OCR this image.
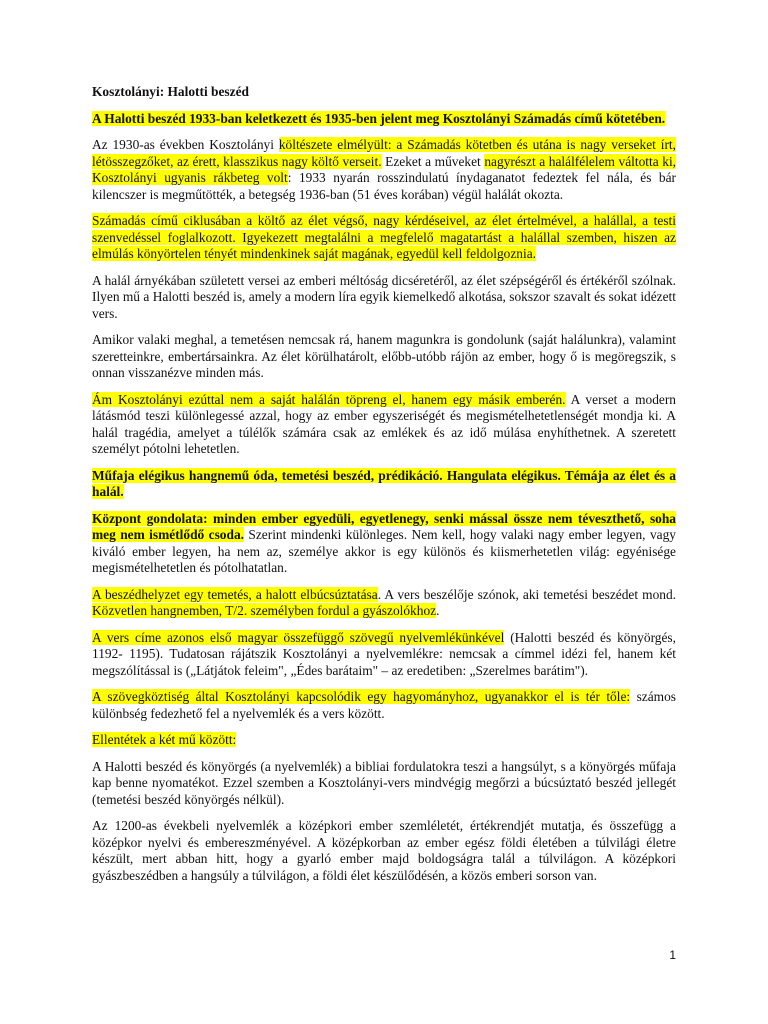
Kosztolányi: Halotti beszéd

A Halotti beszéd 1933-ban keletkezett és 1935-ben jelent meg Kosztolányi Számadás című kötetében.

Az 1930-as években Kosztolányi költészete elmélyült: a Számadás kötetben és utána is nagy verseket írt, létösszegzőket, az érett, klasszikus nagy költő verseit. Ezeket a műveket nagyrészt a halálfélelem váltotta ki, Kosztolányi ugyanis rákbeteg volt: 1933 nyarán rosszindulatú ínydaganatot fedeztek fel nála, és bár kilencszer is megműtötték, a betegség 1936-ban (51 éves korában) végül halálát okozta.

Számadás című ciklusában a költő az élet végső, nagy kérdéseivel, az élet értelmével, a halállal, a testi szenvedéssel foglalkozott. Igyekezett megtalálni a megfelelő magatartást a halállal szemben, hiszen az elmúlás könyörtelen tényét mindenkinek saját magának, egyedül kell feldolgoznia.

A halál árnyékában született versei az emberi méltóság dicséretéről, az élet szépségéről és értékéről szólnak. Ilyen mű a Halotti beszéd is, amely a modern líra egyik kiemelkedő alkotása, sokszor szavalt és sokat idézett vers.

Amikor valaki meghal, a temetésen nemcsak rá, hanem magunkra is gondolunk (saját halálunkra), valamint szeretteinkre, embertársainkra. Az élet körülhatárolt, előbb-utóbb rájön az ember, hogy ő is megöregszik, s onnan visszanézve minden más.

Ám Kosztolányi ezúttal nem a saját halálán töpreng el, hanem egy másik emberén. A verset a modern látásmód teszi különlegessé azzal, hogy az ember egyszeriségét és megismételhetetlenségét mondja ki. A halál tragédia, amelyet a túlélők számára csak az emlékek és az idő múlása enyhíthetnek. A szeretett személyt pótolni lehetetlen.

Műfaja elégikus hangnemű óda, temetési beszéd, prédikáció. Hangulata elégikus. Témája az élet és a halál.

Központ gondolata: minden ember egyedüli, egyetlenegy, senki mással össze nem téveszthető, soha meg nem ismétlődő csoda. Szerint mindenki különleges. Nem kell, hogy valaki nagy ember legyen, vagy kiváló ember legyen, ha nem az, személye akkor is egy különös és kiismerhetetlen világ: egyénisége megismételhetetlen és pótolhatatlan.

A beszédhelyzet egy temetés, a halott elbúcsúztatása. A vers beszélője szónok, aki temetési beszédet mond. Közvetlen hangnemben, T/2. személyben fordul a gyászolókhoz.

A vers címe azonos első magyar összefüggő szövegű nyelvemlékünkével (Halotti beszéd és könyörgés, 1192- 1195). Tudatosan rájátszik Kosztolányi a nyelvemlékre: nemcsak a címmel idézi fel, hanem két megszólítással is („Látjátok feleim", „Édes barátaim" – az eredetiben: „Szerelmes barátim").

A szövegköztiség által Kosztolányi kapcsolódik egy hagyományhoz, ugyanakkor el is tér tőle: számos különbség fedezhető fel a nyelvemlék és a vers között.

Ellentétek a két mű között:

A Halotti beszéd és könyörgés (a nyelvemlék) a bibliai fordulatokra teszi a hangsúlyt, s a könyörgés műfaja kap benne nyomatékot. Ezzel szemben a Kosztolányi-vers mindvégig megőrzi a búcsúztató beszéd jellegét (temetési beszéd könyörgés nélkül).

Az 1200-as évekbeli nyelvemlék a középkori ember szemléletét, értékrendjét mutatja, és összefügg a középkor nyelvi és embereszményével. A középkorban az ember egész földi életében a túlvilági életre készült, mert abban hitt, hogy a gyarló ember majd boldogságra talál a túlvilágon. A középkori gyászbeszédben a hangsúly a túlvilágon, a földi élet készülődésén, a közös emberi sorson van.

1
